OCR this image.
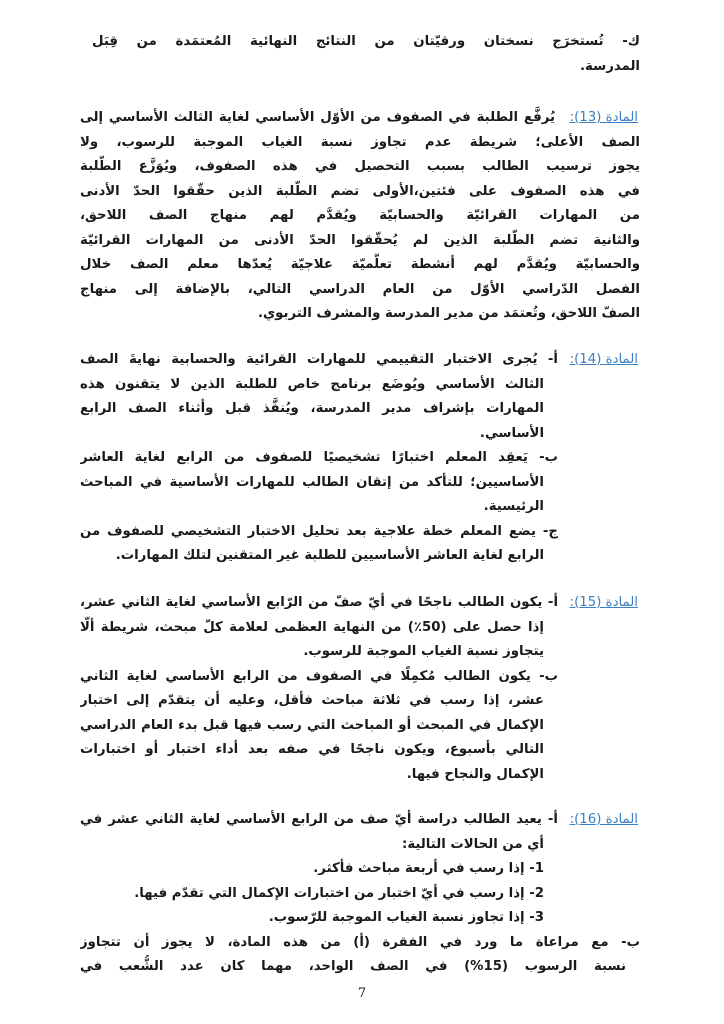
ك- تُستخرَج نسختان ورقيّتان من النتائج النهائية المُعتمَدة من قِبَل
المدرسة.
المادة (13):
يُرفَّع الطلبة في الصفوف من الأوّل الأساسي لغاية الثالث الأساسي إلى
الصف الأعلى؛ شريطة عدم تجاوز نسبة الغياب الموجبة للرسوب، ولا
يجوز ترسيب الطالب بسبب التحصيل في هذه الصفوف، ويُوَزَّع الطّلبة
في هذه الصفوف على فئتين،الأولى تضم الطّلبة الذين حقّقوا الحدّ الأدنى
من المهارات القرائيّة والحسابيّة ويُقدَّم لهم منهاج الصف اللاحق،
والثانية تضم الطّلبة الذين لم يُحقّقوا الحدّ الأدنى من المهارات القرائيّة
والحسابيّة ويُقدَّم لهم أنشطة تعلُّميّة علاجيّة يُعدّها معلم الصف خلال
الفصل الدّراسي الأوّل من العام الدراسي التالي، بالإضافة إلى منهاج
الصفّ اللاحق، وتُعتمَد من مدير المدرسة والمشرف التربوي.
المادة (14):
أ- يُجرى الاختبار التقييمي للمهارات القرائية والحسابية نهايةَ الصف
الثالث الأساسي ويُوضَع برنامج خاص للطلبة الذين لا يتقنون هذه
المهارات بإشراف مدير المدرسة، ويُنفَّذ قبل وأثناء الصف الرابع
الأساسي.
ب- يَعقِد المعلم اختبارًا تشخيصيًا للصفوف من الرابع لغاية العاشر
الأساسيين؛ للتأكد من إتقان الطالب للمهارات الأساسية في المباحث
الرئيسية.
ج- يضع المعلم خطة علاجية بعد تحليل الاختبار التشخيصي للصفوف من
الرابع لغاية العاشر الأساسيين للطلبة غير المتقنين لتلك المهارات.
المادة (15):
أ- يكون الطالب ناجحًا في أيّ صفّ من الرّابع الأساسي لغاية الثاني عشر،
إذا حصل على (50٪) من النهاية العظمى لعلامة كلّ مبحث، شريطة ألّا
يتجاوز نسبة الغياب الموجبة للرسوب.
ب- يكون الطالب مُكمِلًا في الصفوف من الرابع الأساسي لغاية الثاني
عشر، إذا رسب في ثلاثة مباحث فأقل، وعليه أن يتقدّم إلى اختبار
الإكمال في المبحث أو المباحث التي رسب فيها قبل بدء العام الدراسي
التالي بأسبوع، ويكون ناجحًا في صفه بعد أداء اختبار أو اختبارات
الإكمال والنجاح فيها.
المادة (16):
أ- يعيد الطالب دراسة أيّ صف من الرابع الأساسي لغاية الثاني عشر في
أي من الحالات التالية:
1- إذا رسب في أربعة مباحث فأكثر.
2- إذا رسب في أيّ اختبار من اختبارات الإكمال التي تقدّم فيها.
3- إذا تجاوز نسبة الغياب الموجبة للرّسوب.
ب- مع مراعاة ما ورد في الفقرة (أ) من هذه المادة، لا يجوز أن تتجاوز
نسبة الرسوب (15%) في الصف الواحد، مهما كان عدد الشُّعب في
7
